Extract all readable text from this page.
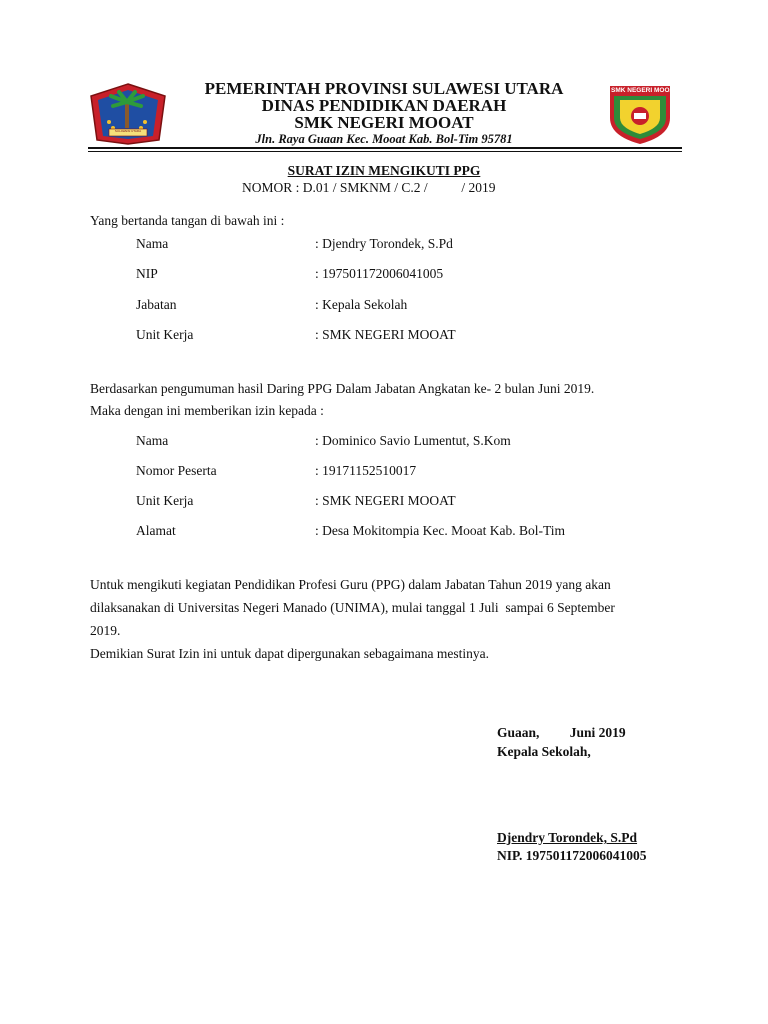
SULAWESI UTARA
SMK NEGERI MOOAT
PEMERINTAH PROVINSI SULAWESI UTARA
DINAS PENDIDIKAN DAERAH
SMK NEGERI MOOAT
Jln. Raya Guaan Kec. Mooat Kab. Bol-Tim 95781
SURAT IZIN MENGIKUTI PPG
NOMOR : D.01 / SMKNM / C.2 /          / 2019
Yang bertanda tangan di bawah ini :
Nama	: Djendry Torondek, S.Pd
NIP	: 197501172006041005
Jabatan	: Kepala Sekolah
Unit Kerja	: SMK NEGERI MOOAT
Berdasarkan pengumuman hasil Daring PPG Dalam Jabatan Angkatan ke- 2 bulan Juni 2019.
Maka dengan ini memberikan izin kepada :
Nama	: Dominico Savio Lumentut, S.Kom
Nomor Peserta	: 19171152510017
Unit Kerja	: SMK NEGERI MOOAT
Alamat	: Desa Mokitompia Kec. Mooat Kab. Bol-Tim
Untuk mengikuti kegiatan Pendidikan Profesi Guru (PPG) dalam Jabatan Tahun 2019 yang akan
dilaksanakan di Universitas Negeri Manado (UNIMA), mulai tanggal 1 Juli  sampai 6 September
2019.
Demikian Surat Izin ini untuk dapat dipergunakan sebagaimana mestinya.
Guaan,         Juni 2019
Kepala Sekolah,
Djendry Torondek, S.Pd
NIP. 197501172006041005
